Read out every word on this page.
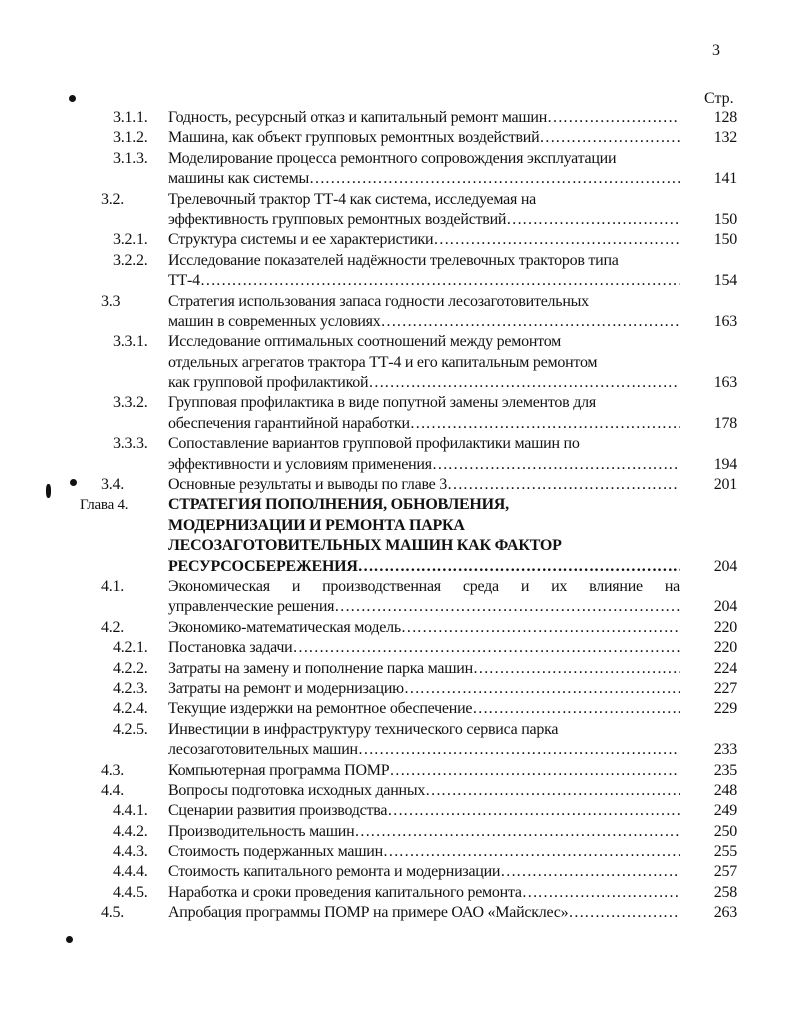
3
Стр.
3.1.1. Годность, ресурсный отказ и капитальный ремонт машин ……………………………………………………………………………………………………………………	128
3.1.2. Машина, как объект групповых ремонтных воздействий ……………………………………………………………………………………………………………………	132
3.1.3. Моделирование процесса ремонтного сопровождения эксплуатации
машины как системы ……………………………………………………………………………………………………………………	141
3.2.	Трелевочный трактор ТТ-4 как система, исследуемая на
эффективность групповых ремонтных воздействий ……………………………………………………………………………………………………………………	150
3.2.1. Структура системы и ее характеристики ……………………………………………………………………………………………………………………	150
3.2.2. Исследование показателей надёжности трелевочных тракторов типа
ТТ-4 ……………………………………………………………………………………………………………………	154
3.3	Стратегия использования запаса годности лесозаготовительных
машин в современных условиях ……………………………………………………………………………………………………………………	163
3.3.1. Исследование оптимальных соотношений между ремонтом
отдельных агрегатов трактора ТТ-4 и его капитальным ремонтом
как групповой профилактикой ……………………………………………………………………………………………………………………	163
3.3.2. Групповая профилактика в виде попутной замены элементов для
обеспечения гарантийной наработки ……………………………………………………………………………………………………………………	178
3.3.3. Сопоставление вариантов групповой профилактики машин по
эффективности и условиям применения ……………………………………………………………………………………………………………………	194
3.4.	Основные результаты и выводы по главе 3 ……………………………………………………………………………………………………………………	201
Глава 4. СТРАТЕГИЯ ПОПОЛНЕНИЯ, ОБНОВЛЕНИЯ,
МОДЕРНИЗАЦИИ И РЕМОНТА ПАРКА
ЛЕСОЗАГОТОВИТЕЛЬНЫХ МАШИН КАК ФАКТОР
РЕСУРСОСБЕРЕЖЕНИЯ ……………………………………………………………………………………………………………………	204
4.1.	Экономическая и производственная среда и их влияние на
управленческие решения ……………………………………………………………………………………………………………………	204
4.2.	Экономико-математическая модель ……………………………………………………………………………………………………………………	220
4.2.1. Постановка задачи ……………………………………………………………………………………………………………………	220
4.2.2. Затраты на замену и пополнение парка машин ……………………………………………………………………………………………………………………	224
4.2.3. Затраты на ремонт и модернизацию ……………………………………………………………………………………………………………………	227
4.2.4. Текущие издержки на ремонтное обеспечение ……………………………………………………………………………………………………………………	229
4.2.5. Инвестиции в инфраструктуру технического сервиса парка
лесозаготовительных машин ……………………………………………………………………………………………………………………	233
4.3.	Компьютерная программа ПОМР ……………………………………………………………………………………………………………………	235
4.4.	Вопросы подготовка исходных данных ……………………………………………………………………………………………………………………	248
4.4.1. Сценарии развития производства ……………………………………………………………………………………………………………………	249
4.4.2. Производительность машин ……………………………………………………………………………………………………………………	250
4.4.3. Стоимость подержанных машин ……………………………………………………………………………………………………………………	255
4.4.4. Стоимость капитального ремонта и модернизации ……………………………………………………………………………………………………………………	257
4.4.5. Наработка и сроки проведения капитального ремонта ……………………………………………………………………………………………………………………	258
4.5.	Апробация программы ПОМР на примере ОАО «Майсклес» ……………………………………………………………………………………………………………………	263
